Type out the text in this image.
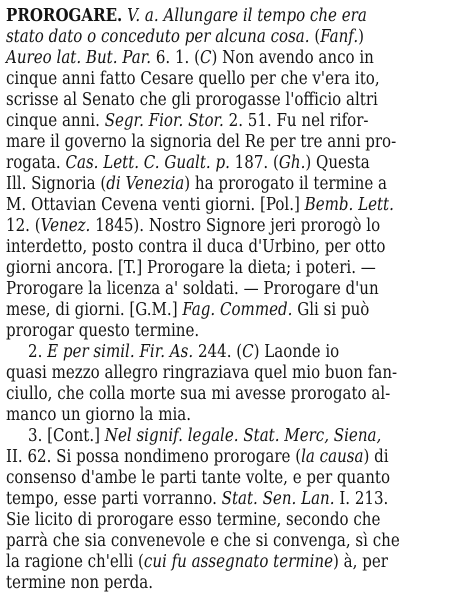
PROROGARE. V. a. Allungare il tempo che era
stato dato o conceduto per alcuna cosa. (Fanf.)
Aureo lat. But. Par. 6. 1. (C) Non avendo anco in
cinque anni fatto Cesare quello per che v'era ito,
scrisse al Senato che gli prorogasse l'officio altri
cinque anni. Segr. Fior. Stor. 2. 51. Fu nel rifor-
mare il governo la signoria del Re per tre anni pro-
rogata. Cas. Lett. C. Gualt. p. 187. (Gh.) Questa
Ill. Signoria (di Venezia) ha prorogato il termine a
M. Ottavian Cevena venti giorni. [Pol.] Bemb. Lett.
12. (Venez. 1845). Nostro Signore jeri prorogò lo
interdetto, posto contra il duca d'Urbino, per otto
giorni ancora. [T.] Prorogare la dieta; i poteri. —
Prorogare la licenza a' soldati. — Prorogare d'un
mese, di giorni. [G.M.] Fag. Commed. Gli si può
prorogar questo termine.
2. E per simil. Fir. As. 244. (C) Laonde io
quasi mezzo allegro ringraziava quel mio buon fan-
ciullo, che colla morte sua mi avesse prorogato al-
manco un giorno la mia.
3. [Cont.] Nel signif. legale. Stat. Merc, Siena,
II. 62. Si possa nondimeno prorogare (la causa) di
consenso d'ambe le parti tante volte, e per quanto
tempo, esse parti vorranno. Stat. Sen. Lan. I. 213.
Sie licito di prorogare esso termine, secondo che
parrà che sia convenevole e che si convenga, sì che
la ragione ch'elli (cui fu assegnato termine) à, per
termine non perda.
